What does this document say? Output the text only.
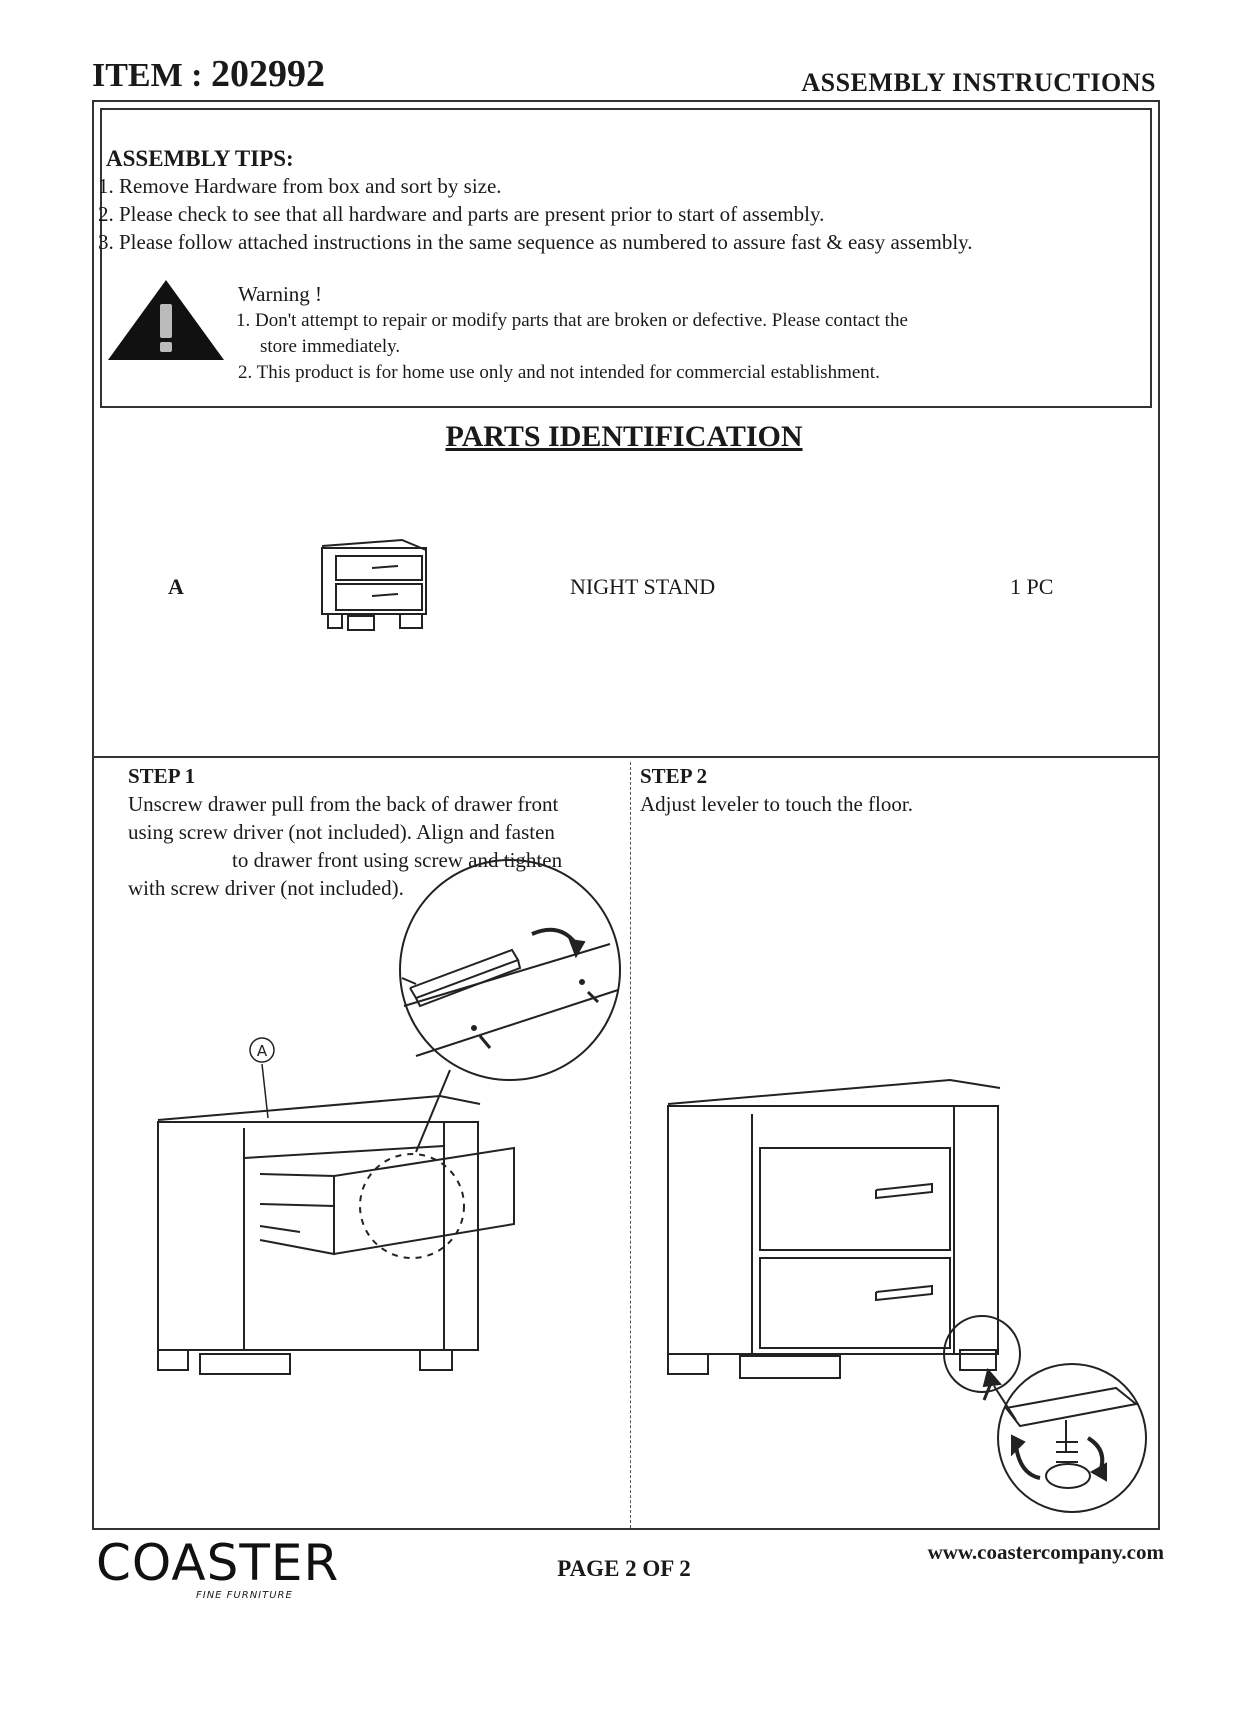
ITEM : 202992	ASSEMBLY INSTRUCTIONS
ASSEMBLY TIPS:
1. Remove Hardware from box and sort by size.
2. Please check to see that all hardware and parts are present prior to start of assembly.
3. Please follow attached instructions in the same sequence as numbered to assure fast & easy assembly.
Warning !
1. Don't attempt to repair or modify parts that are broken or defective. Please contact the
store immediately.
2. This product is for home use only and not intended for commercial establishment.
PARTS IDENTIFICATION
A	NIGHT STAND	1 PC
STEP 1
Unscrew drawer pull from the back of drawer front
using screw driver (not included). Align and fasten
to drawer front using screw and tighten
with screw driver (not included).
A
STEP 2
Adjust leveler to touch the floor.
COASTER
FINE FURNITURE
PAGE 2 OF 2
www.coastercompany.com
